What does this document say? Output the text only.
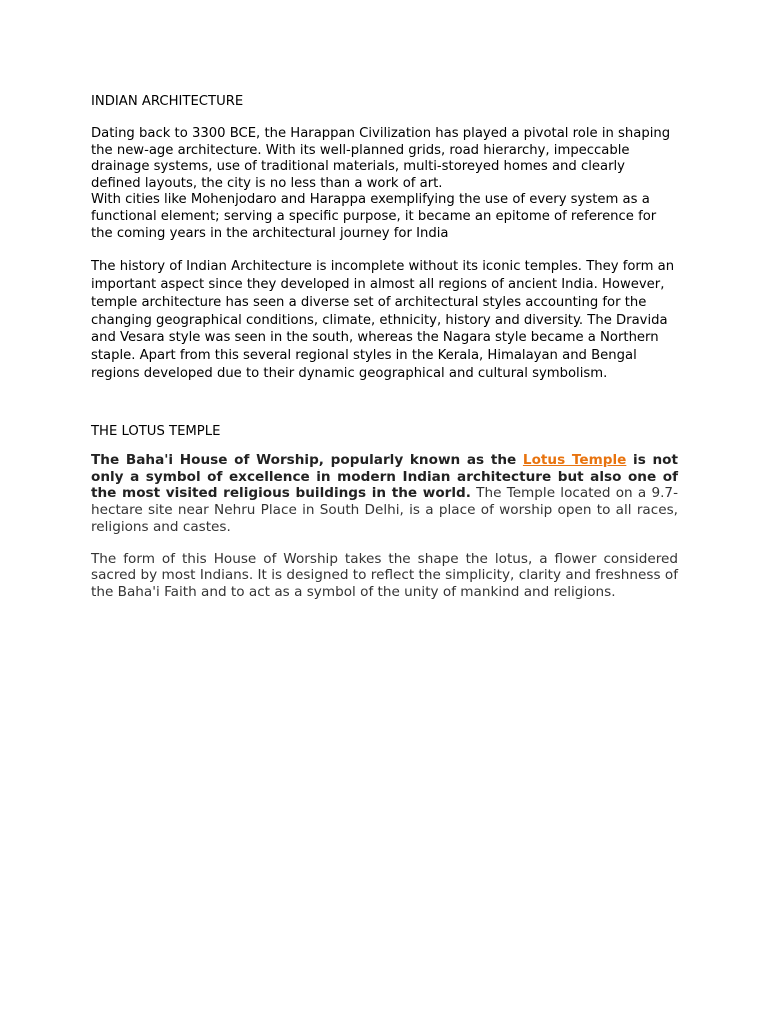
INDIAN ARCHITECTURE

Dating back to 3300 BCE, the Harappan Civilization has played a pivotal role in shaping the new-age architecture. With its well-planned grids, road hierarchy, impeccable drainage systems, use of traditional materials, multi-storeyed homes and clearly defined layouts, the city is no less than a work of art.

With cities like Mohenjodaro and Harappa exemplifying the use of every system as a functional element; serving a specific purpose, it became an epitome of reference for the coming years in the architectural journey for India

The history of Indian Architecture is incomplete without its iconic temples. They form an important aspect since they developed in almost all regions of ancient India. However, temple architecture has seen a diverse set of architectural styles accounting for the changing geographical conditions, climate, ethnicity, history and diversity. The Dravida and Vesara style was seen in the south, whereas the Nagara style became a Northern staple. Apart from this several regional styles in the Kerala, Himalayan and Bengal regions developed due to their dynamic geographical and cultural symbolism.

THE LOTUS TEMPLE

The Baha'i House of Worship, popularly known as the Lotus Temple is not only a symbol of excellence in modern Indian architecture but also one of the most visited religious buildings in the world. The Temple located on a 9.7-hectare site near Nehru Place in South Delhi, is a place of worship open to all races, religions and castes.

The form of this House of Worship takes the shape the lotus, a flower considered sacred by most Indians. It is designed to reflect the simplicity, clarity and freshness of the Baha'i Faith and to act as a symbol of the unity of mankind and religions.
